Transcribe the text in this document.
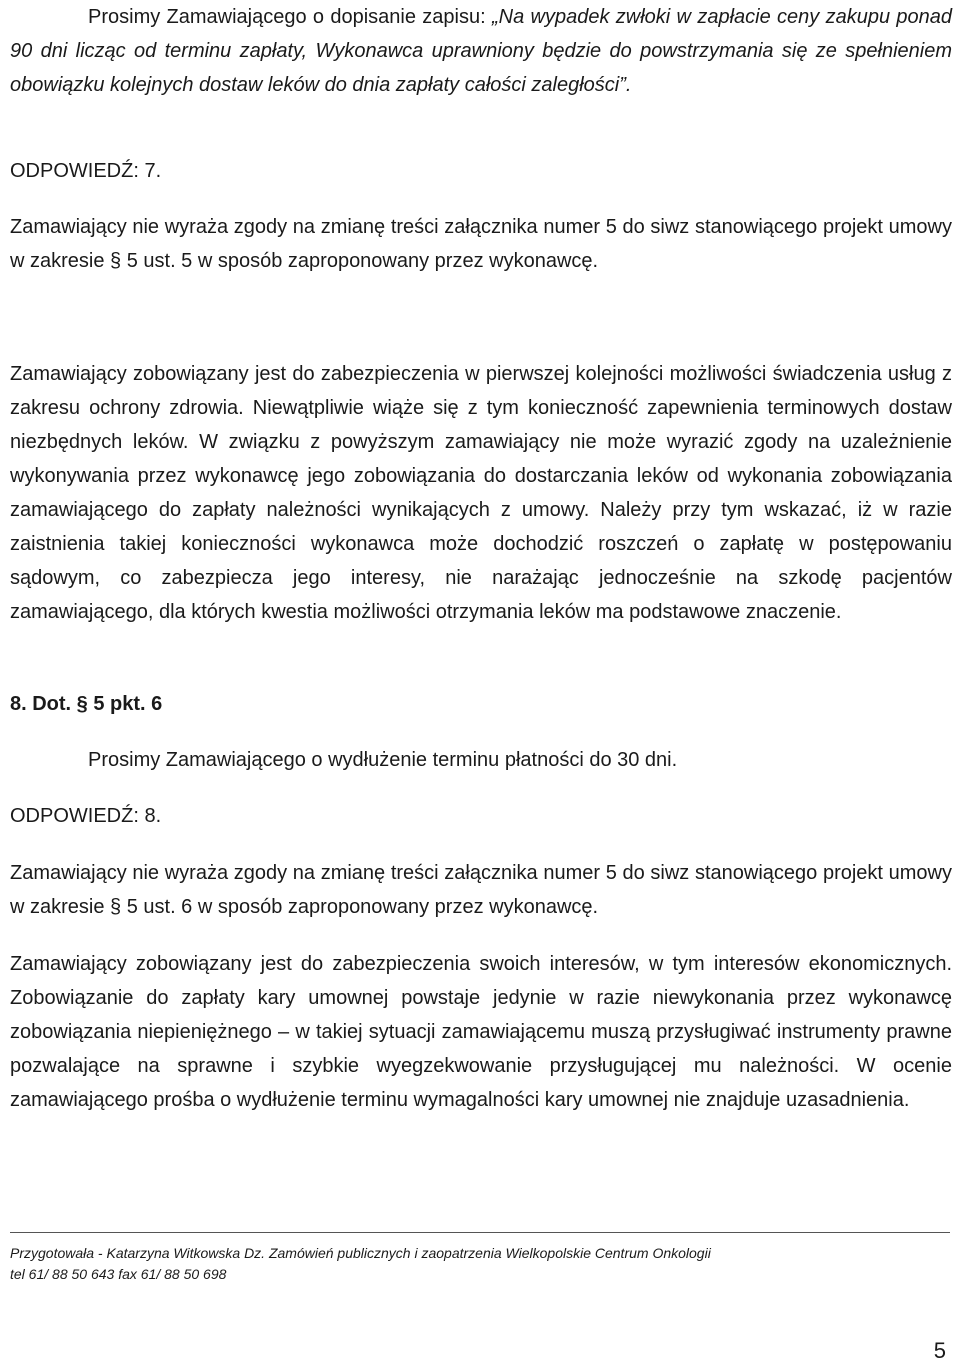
Prosimy Zamawiającego o dopisanie zapisu: „Na wypadek zwłoki w zapłacie ceny zakupu ponad 90 dni licząc od terminu zapłaty, Wykonawca uprawniony będzie do powstrzymania się ze spełnieniem obowiązku kolejnych dostaw leków do dnia zapłaty całości zaległości”.

ODPOWIEDŹ: 7.

Zamawiający nie wyraża zgody na zmianę treści załącznika numer 5 do siwz stanowiącego projekt umowy w zakresie § 5 ust. 5 w sposób zaproponowany przez wykonawcę.

Zamawiający zobowiązany jest do zabezpieczenia w pierwszej kolejności możliwości świadczenia usług z zakresu ochrony zdrowia. Niewątpliwie wiąże się z tym konieczność zapewnienia terminowych dostaw niezbędnych leków. W związku z powyższym zamawiający nie może wyrazić zgody na uzależnienie wykonywania przez wykonawcę jego zobowiązania do dostarczania leków od wykonania zobowiązania zamawiającego do zapłaty należności wynikających z umowy. Należy przy tym wskazać, iż w razie zaistnienia takiej konieczności wykonawca może dochodzić roszczeń o zapłatę w postępowaniu sądowym, co zabezpiecza jego interesy, nie narażając jednocześnie na szkodę pacjentów zamawiającego, dla których kwestia możliwości otrzymania leków ma podstawowe znaczenie.

8. Dot. § 5 pkt. 6

Prosimy Zamawiającego o wydłużenie terminu płatności do 30 dni.

ODPOWIEDŹ: 8.

Zamawiający nie wyraża zgody na zmianę treści załącznika numer 5 do siwz stanowiącego projekt umowy w zakresie § 5 ust. 6 w sposób zaproponowany przez wykonawcę.

Zamawiający zobowiązany jest do zabezpieczenia swoich interesów, w tym interesów ekonomicznych. Zobowiązanie do zapłaty kary umownej powstaje jedynie w razie niewykonania przez wykonawcę zobowiązania niepieniężnego – w takiej sytuacji zamawiającemu muszą przysługiwać instrumenty prawne pozwalające na sprawne i szybkie wyegzekwowanie przysługującej mu należności. W ocenie zamawiającego prośba o wydłużenie terminu wymagalności kary umownej nie znajduje uzasadnienia.

Przygotowała - Katarzyna Witkowska Dz. Zamówień publicznych i zaopatrzenia Wielkopolskie Centrum Onkologii
tel 61/ 88 50 643 fax 61/ 88 50 698
5
